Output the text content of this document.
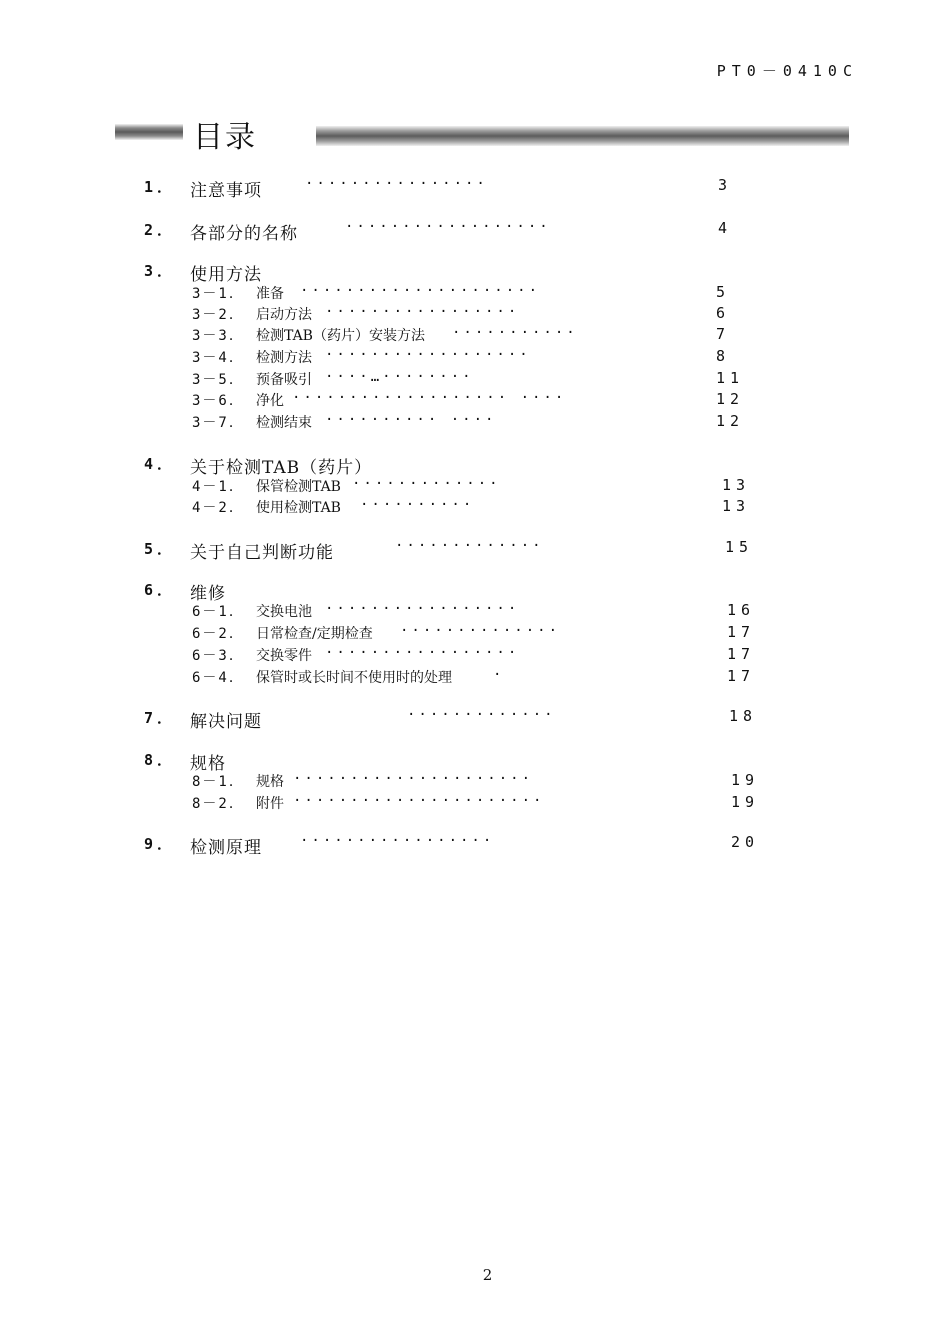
PT0－0410C
目录
1． 注意事项	················	3
2． 各部分的名称	··················	4
3． 使用方法
3－1． 准备 ·····················	5
3－2． 启动方法 ·················	6
3－3． 检测TAB（药片）安装方法 ···········	7
3－4． 检测方法 ··················	8
3－5． 预备吸引 ····…········	11
3－6． 净化 ··················· ····	12
3－7． 检测结束 ·········· ····	12
4． 关于检测TAB（药片）
4－1． 保管检测TAB ·············	13
4－2． 使用检测TAB ··········	13
5． 关于自己判断功能	·············	15
6． 维修
6－1． 交换电池 ·················	16
6－2． 日常检查/定期检查 ··············	17
6－3． 交换零件 ·················	17
6－4． 保管时或长时间不使用时的处理	·	17
7． 解决问题	·············	18
8． 规格
8－1． 规格 ·····················	19
8－2． 附件 ······················	19
9． 检测原理	·················	20
2
